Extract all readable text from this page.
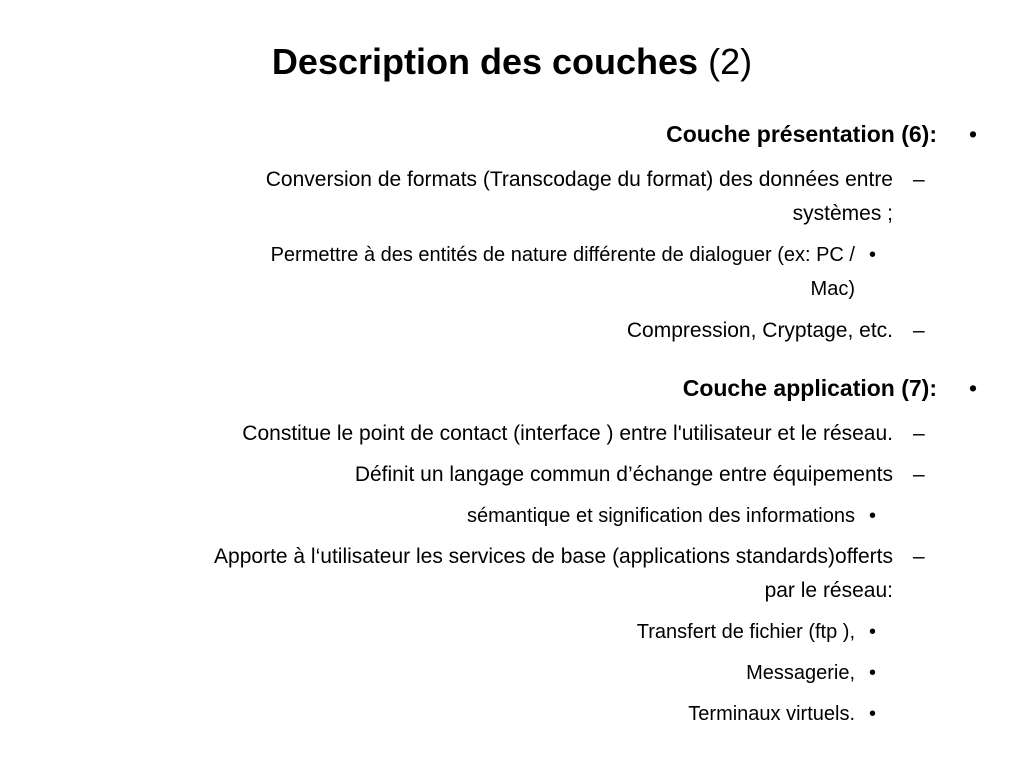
Description des couches (2)
Couche présentation (6): •
Conversion de formats (Transcodage du format) des données entre –
systèmes ;
Permettre à des entités de nature différente de dialoguer (ex: PC / •
Mac)
Compression, Cryptage, etc. –
Couche application (7): •
Constitue le point de contact (interface ) entre l'utilisateur et le réseau. –
Définit un langage commun d’échange entre équipements –
sémantique et signification des informations •
Apporte à l‘utilisateur les services de base (applications standards)offerts –
par le réseau:
Transfert de fichier (ftp ), •
Messagerie, •
Terminaux virtuels. •
